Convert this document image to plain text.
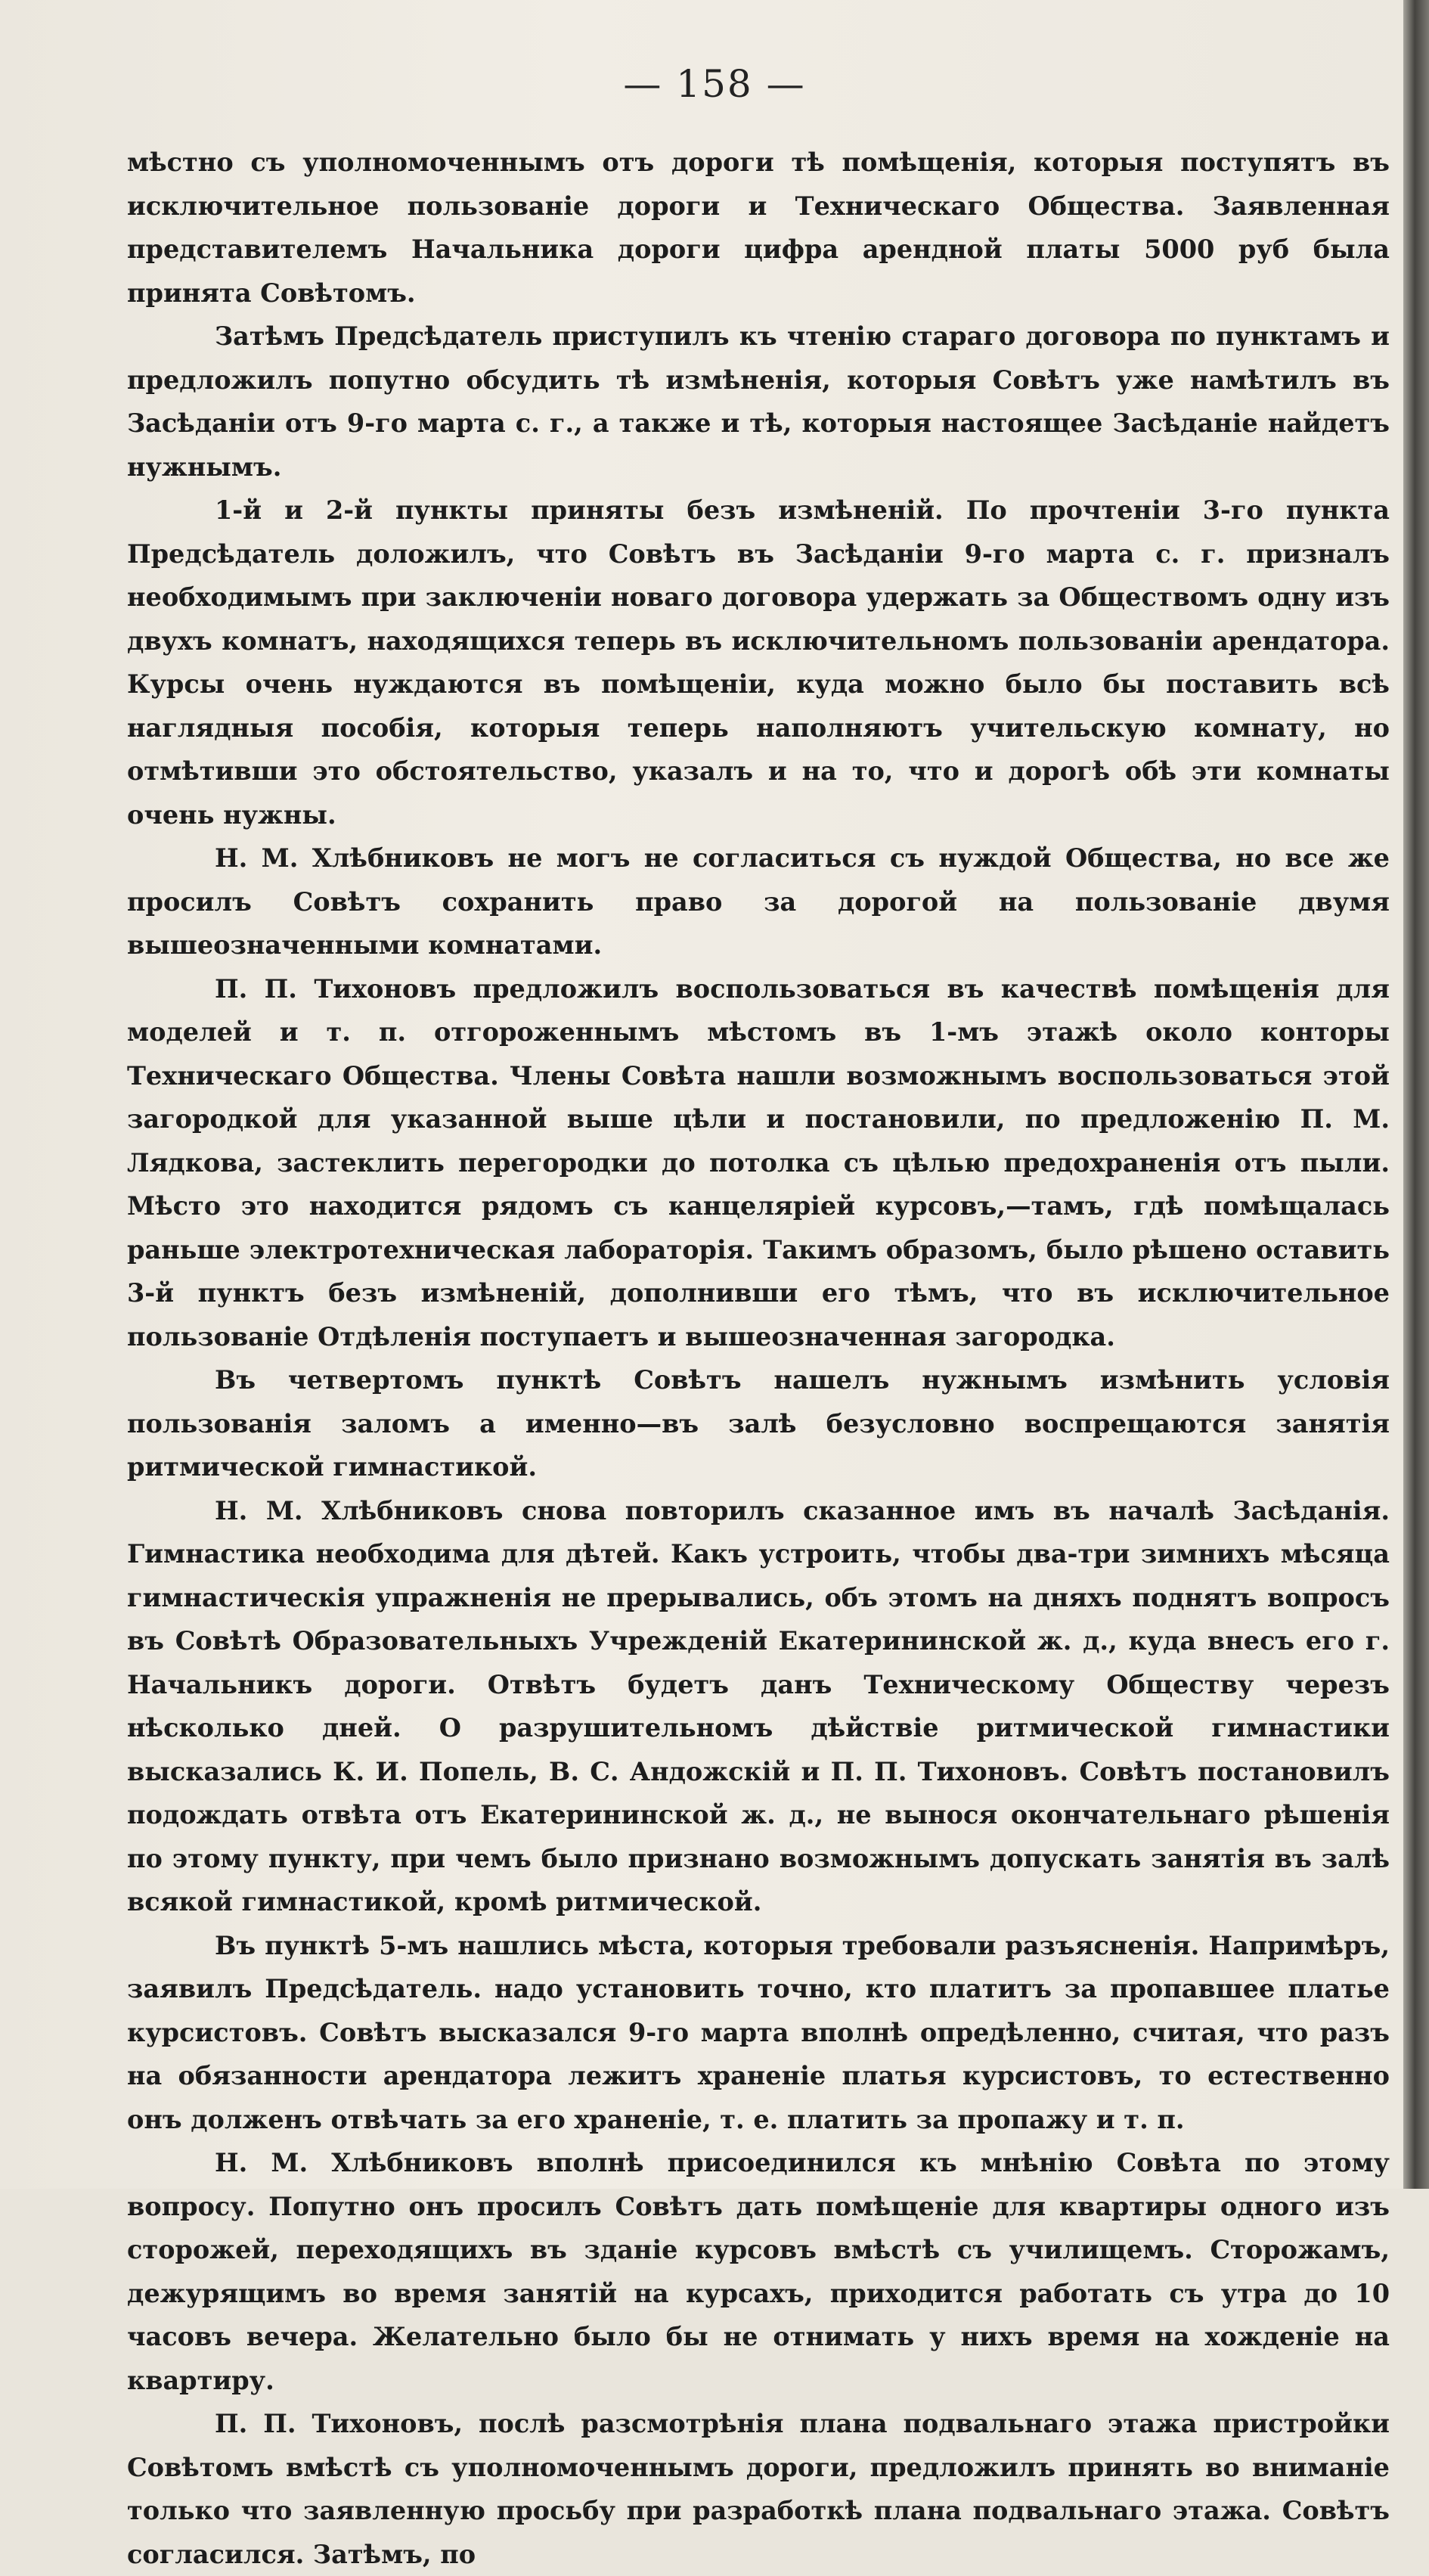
— 158 —

мѣстно съ уполномоченнымъ отъ дороги тѣ помѣщенія, которыя поступятъ въ исключительное пользованіе дороги и Техническаго Общества. Заявленная представителемъ Начальника дороги цифра арендной платы 5000 руб была принята Совѣтомъ.

Затѣмъ Предсѣдатель приступилъ къ чтенію стараго договора по пунктамъ и предложилъ попутно обсудить тѣ измѣненія, которыя Совѣтъ уже намѣтилъ въ Засѣданіи отъ 9-го марта с. г., а также и тѣ, которыя настоящее Засѣданіе найдетъ нужнымъ.

1-й и 2-й пункты приняты безъ измѣненій. По прочтеніи 3-го пункта Предсѣдатель доложилъ, что Совѣтъ въ Засѣданіи 9-го марта с. г. призналъ необходимымъ при заключеніи новаго договора удержать за Обществомъ одну изъ двухъ комнатъ, находящихся теперь въ исключительномъ пользованіи арендатора. Курсы очень нуждаются въ помѣщеніи, куда можно было бы поставить всѣ наглядныя пособія, которыя теперь наполняютъ учительскую комнату, но отмѣтивши это обстоятельство, указалъ и на то, что и дорогѣ обѣ эти комнаты очень нужны.

Н. М. Хлѣбниковъ не могъ не согласиться съ нуждой Общества, но все же просилъ Совѣтъ сохранить право за дорогой на пользованіе двумя вышеозначенными комнатами.

П. П. Тихоновъ предложилъ воспользоваться въ качествѣ помѣщенія для моделей и т. п. отгороженнымъ мѣстомъ въ 1-мъ этажѣ около конторы Техническаго Общества. Члены Совѣта нашли возможнымъ воспользоваться этой загородкой для указанной выше цѣли и постановили, по предложенію П. М. Лядкова, застеклить перегородки до потолка съ цѣлью предохраненія отъ пыли. Мѣсто это находится рядомъ съ канцеляріей курсовъ,—тамъ, гдѣ помѣщалась раньше электротехническая лабораторія. Такимъ образомъ, было рѣшено оставить 3-й пунктъ безъ измѣненій, дополнивши его тѣмъ, что въ исключительное пользованіе Отдѣленія поступаетъ и вышеозначенная загородка.

Въ четвертомъ пунктѣ Совѣтъ нашелъ нужнымъ измѣнить условія пользованія заломъ а именно—въ залѣ безусловно воспрещаются занятія ритмической гимнастикой.

Н. М. Хлѣбниковъ снова повторилъ сказанное имъ въ началѣ Засѣданія. Гимнастика необходима для дѣтей. Какъ устроить, чтобы два-три зимнихъ мѣсяца гимнастическія упражненія не прерывались, объ этомъ на дняхъ поднятъ вопросъ въ Совѣтѣ Образовательныхъ Учрежденій Екатерининской ж. д., куда внесъ его г. Начальникъ дороги. Отвѣтъ будетъ данъ Техническому Обществу черезъ нѣсколько дней. О разрушительномъ дѣйствіе ритмической гимнастики высказались К. И. Попель, В. С. Андожскій и П. П. Тихоновъ. Совѣтъ постановилъ подождать отвѣта отъ Екатерининской ж. д., не вынося окончательнаго рѣшенія по этому пункту, при чемъ было признано возможнымъ допускать занятія въ залѣ всякой гимнастикой, кромѣ ритмической.

Въ пунктѣ 5-мъ нашлись мѣста, которыя требовали разъясненія. Напримѣръ, заявилъ Предсѣдатель. надо установить точно, кто платитъ за пропавшее платье курсистовъ. Совѣтъ высказался 9-го марта вполнѣ опредѣленно, считая, что разъ на обязанности арендатора лежитъ храненіе платья курсистовъ, то естественно онъ долженъ отвѣчать за его храненіе, т. е. платить за пропажу и т. п.

Н. М. Хлѣбниковъ вполнѣ присоединился къ мнѣнію Совѣта по этому вопросу. Попутно онъ просилъ Совѣтъ дать помѣщеніе для квартиры одного изъ сторожей, переходящихъ въ зданіе курсовъ вмѣстѣ съ училищемъ. Сторожамъ, дежурящимъ во время занятій на курсахъ, приходится работать съ утра до 10 часовъ вечера. Желательно было бы не отнимать у нихъ время на хожденіе на квартиру.

П. П. Тихоновъ, послѣ разсмотрѣнія плана подвальнаго этажа пристройки Совѣтомъ вмѣстѣ съ уполномоченнымъ дороги, предложилъ принять во вниманіе только что заявленную просьбу при разработкѣ плана подвальнаго этажа. Совѣтъ согласился. Затѣмъ, по
